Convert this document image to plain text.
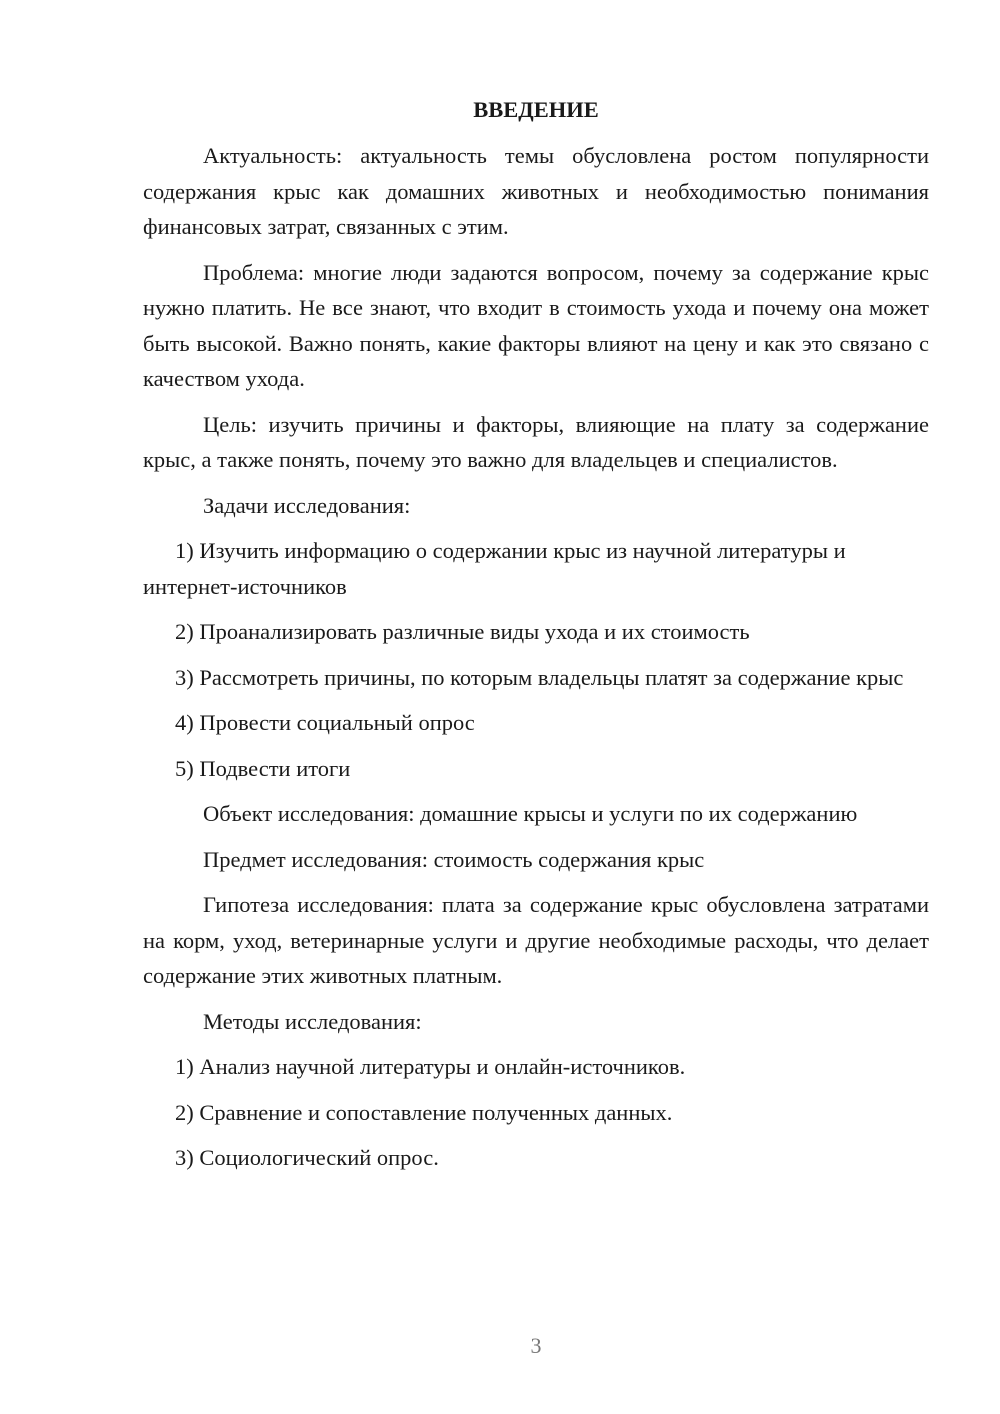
ВВЕДЕНИЕ

Актуальность: актуальность темы обусловлена ростом популярности содержания крыс как домашних животных и необходимостью понимания финансовых затрат, связанных с этим.

Проблема: многие люди задаются вопросом, почему за содержание крыс нужно платить. Не все знают, что входит в стоимость ухода и почему она может быть высокой. Важно понять, какие факторы влияют на цену и как это связано с качеством ухода.

Цель: изучить причины и факторы, влияющие на плату за содержание крыс, а также понять, почему это важно для владельцев и специалистов.

Задачи исследования:

1) Изучить информацию о содержании крыс из научной литературы и интернет-источников

2) Проанализировать различные виды ухода и их стоимость

3) Рассмотреть причины, по которым владельцы платят за содержание крыс

4) Провести социальный опрос

5) Подвести итоги

Объект исследования: домашние крысы и услуги по их содержанию

Предмет исследования: стоимость содержания крыс

Гипотеза исследования: плата за содержание крыс обусловлена затратами на корм, уход, ветеринарные услуги и другие необходимые расходы, что делает содержание этих животных платным.

Методы исследования:

1) Анализ научной литературы и онлайн-источников.

2) Сравнение и сопоставление полученных данных.

3) Социологический опрос.

3
